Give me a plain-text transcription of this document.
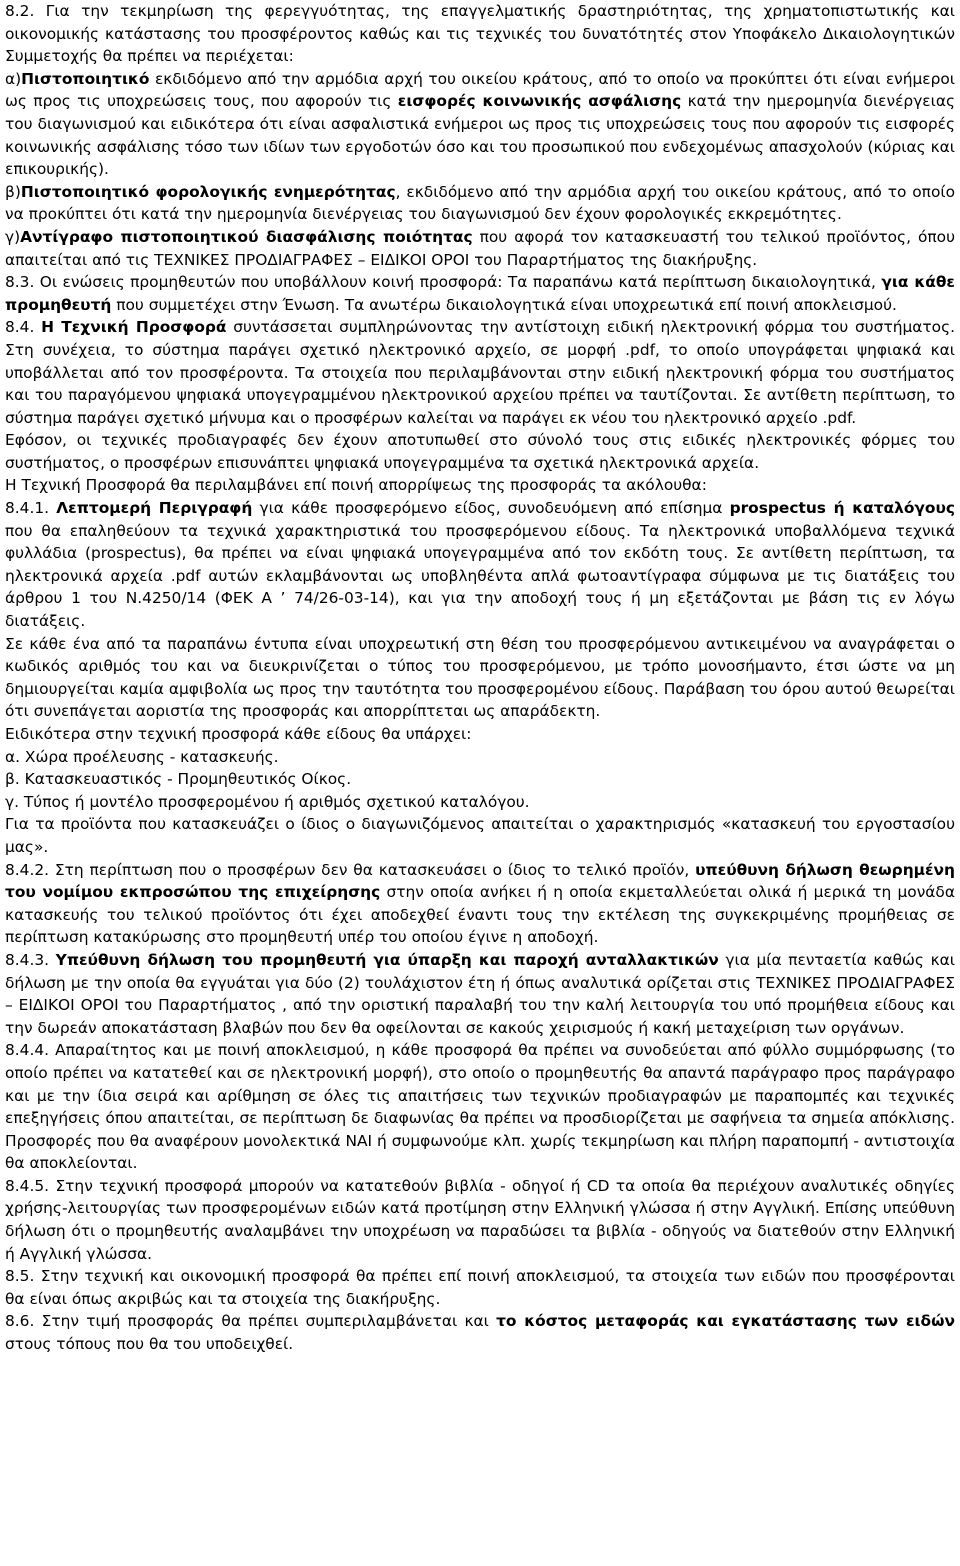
8.2. Για την τεκμηρίωση της φερεγγυότητας, της επαγγελματικής δραστηριότητας, της χρηματοπιστωτικής και οικονομικής κατάστασης του προσφέροντος καθώς και τις τεχνικές του δυνατότητές στον Υποφάκελο Δικαιολογητικών Συμμετοχής θα πρέπει να περιέχεται:

α)Πιστοποιητικό εκδιδόμενο από την αρμόδια αρχή του οικείου κράτους, από το οποίο να προκύπτει ότι είναι ενήμεροι ως προς τις υποχρεώσεις τους, που αφορούν τις εισφορές κοινωνικής ασφάλισης κατά την ημερομηνία διενέργειας του διαγωνισμού και ειδικότερα ότι είναι ασφαλιστικά ενήμεροι ως προς τις υποχρεώσεις τους που αφορούν τις εισφορές κοινωνικής ασφάλισης τόσο των ιδίων των εργοδοτών όσο και του προσωπικού που ενδεχομένως απασχολούν (κύριας και επικουρικής).

β)Πιστοποιητικό φορολογικής ενημερότητας, εκδιδόμενο από την αρμόδια αρχή του οικείου κράτους, από το οποίο να προκύπτει ότι κατά την ημερομηνία διενέργειας του διαγωνισμού δεν έχουν φορολογικές εκκρεμότητες.

γ)Αντίγραφο πιστοποιητικού διασφάλισης ποιότητας που αφορά τον κατασκευαστή του τελικού προϊόντος, όπου απαιτείται από τις ΤΕΧΝΙΚΕΣ ΠΡΟΔΙΑΓΡΑΦΕΣ – ΕΙΔΙΚΟΙ ΟΡΟΙ του Παραρτήματος της διακήρυξης.

8.3. Οι ενώσεις προμηθευτών που υποβάλλουν κοινή προσφορά: Τα παραπάνω κατά περίπτωση δικαιολογητικά, για κάθε προμηθευτή που συμμετέχει στην Ένωση. Τα ανωτέρω δικαιολογητικά είναι υποχρεωτικά επί ποινή αποκλεισμού.

8.4. Η Τεχνική Προσφορά συντάσσεται συμπληρώνοντας την αντίστοιχη ειδική ηλεκτρονική φόρμα του συστήματος. Στη συνέχεια, το σύστημα παράγει σχετικό ηλεκτρονικό αρχείο, σε μορφή .pdf, το οποίο υπογράφεται ψηφιακά και υποβάλλεται από τον προσφέροντα. Τα στοιχεία που περιλαμβάνονται στην ειδική ηλεκτρονική φόρμα του συστήματος και του παραγόμενου ψηφιακά υπογεγραμμένου ηλεκτρονικού αρχείου πρέπει να ταυτίζονται. Σε αντίθετη περίπτωση, το σύστημα παράγει σχετικό μήνυμα και ο προσφέρων καλείται να παράγει εκ νέου του ηλεκτρονικό αρχείο .pdf.

Εφόσον, οι τεχνικές προδιαγραφές δεν έχουν αποτυπωθεί στο σύνολό τους στις ειδικές ηλεκτρονικές φόρμες του συστήματος, ο προσφέρων επισυνάπτει ψηφιακά υπογεγραμμένα τα σχετικά ηλεκτρονικά αρχεία.

Η Τεχνική Προσφορά θα περιλαμβάνει επί ποινή απορρίψεως της προσφοράς τα ακόλουθα:

8.4.1. Λεπτομερή Περιγραφή για κάθε προσφερόμενο είδος, συνοδευόμενη από επίσημα prospectus ή καταλόγους που θα επαληθεύουν τα τεχνικά χαρακτηριστικά του προσφερόμενου είδους. Τα ηλεκτρονικά υποβαλλόμενα τεχνικά φυλλάδια (prospectus), θα πρέπει να είναι ψηφιακά υπογεγραμμένα από τον εκδότη τους. Σε αντίθετη περίπτωση, τα ηλεκτρονικά αρχεία .pdf αυτών εκλαμβάνονται ως υποβληθέντα απλά φωτοαντίγραφα σύμφωνα με τις διατάξεις του άρθρου 1 του Ν.4250/14 (ΦΕΚ Α ’ 74/26-03-14), και για την αποδοχή τους ή μη εξετάζονται με βάση τις εν λόγω διατάξεις.

Σε κάθε ένα από τα παραπάνω έντυπα είναι υποχρεωτική στη θέση του προσφερόμενου αντικειμένου να αναγράφεται ο κωδικός αριθμός του και να διευκρινίζεται ο τύπος του προσφερόμενου, με τρόπο μονοσήμαντο, έτσι ώστε να μη δημιουργείται καμία αμφιβολία ως προς την ταυτότητα του προσφερομένου είδους. Παράβαση του όρου αυτού θεωρείται ότι συνεπάγεται αοριστία της προσφοράς και απορρίπτεται ως απαράδεκτη.

Ειδικότερα στην τεχνική προσφορά κάθε είδους θα υπάρχει:

α. Χώρα προέλευσης - κατασκευής.

β. Κατασκευαστικός - Προμηθευτικός Οίκος.

γ. Τύπος ή μοντέλο προσφερομένου ή αριθμός σχετικού καταλόγου.

Για τα προϊόντα που κατασκευάζει ο ίδιος ο διαγωνιζόμενος απαιτείται ο χαρακτηρισμός «κατασκευή του εργοστασίου μας».

8.4.2. Στη περίπτωση που ο προσφέρων δεν θα κατασκευάσει ο ίδιος το τελικό προϊόν, υπεύθυνη δήλωση θεωρημένη του νομίμου εκπροσώπου της επιχείρησης στην οποία ανήκει ή η οποία εκμεταλλεύεται ολικά ή μερικά τη μονάδα κατασκευής του τελικού προϊόντος ότι έχει αποδεχθεί έναντι τους την εκτέλεση της συγκεκριμένης προμήθειας σε περίπτωση κατακύρωσης στο προμηθευτή υπέρ του οποίου έγινε η αποδοχή.

8.4.3. Υπεύθυνη δήλωση του προμηθευτή για ύπαρξη και παροχή ανταλλακτικών για μία πενταετία καθώς και δήλωση με την οποία θα εγγυάται για δύο (2) τουλάχιστον έτη ή όπως αναλυτικά ορίζεται στις ΤΕΧΝΙΚΕΣ ΠΡΟΔΙΑΓΡΑΦΕΣ – ΕΙΔΙΚΟΙ ΟΡΟΙ του Παραρτήματος , από την οριστική παραλαβή του την καλή λειτουργία του υπό προμήθεια είδους και την δωρεάν αποκατάσταση βλαβών που δεν θα οφείλονται σε κακούς χειρισμούς ή κακή μεταχείριση των οργάνων.

8.4.4. Απαραίτητος και με ποινή αποκλεισμού, η κάθε προσφορά θα πρέπει να συνοδεύεται από φύλλο συμμόρφωσης (το οποίο πρέπει να κατατεθεί και σε ηλεκτρονική μορφή), στο οποίο ο προμηθευτής θα απαντά παράγραφο προς παράγραφο και με την ίδια σειρά και αρίθμηση σε όλες τις απαιτήσεις των τεχνικών προδιαγραφών με παραπομπές και τεχνικές επεξηγήσεις όπου απαιτείται, σε περίπτωση δε διαφωνίας θα πρέπει να προσδιορίζεται με σαφήνεια τα σημεία απόκλισης. Προσφορές που θα αναφέρουν μονολεκτικά ΝΑΙ ή συμφωνούμε κλπ. χωρίς τεκμηρίωση και πλήρη παραπομπή - αντιστοιχία θα αποκλείονται.

8.4.5. Στην τεχνική προσφορά μπορούν να κατατεθούν βιβλία - οδηγοί ή CD τα οποία θα περιέχουν αναλυτικές οδηγίες χρήσης-λειτουργίας των προσφερομένων ειδών κατά προτίμηση στην Ελληνική γλώσσα ή στην Αγγλική. Επίσης υπεύθυνη δήλωση ότι ο προμηθευτής αναλαμβάνει την υποχρέωση να παραδώσει τα βιβλία - οδηγούς να διατεθούν στην Ελληνική ή Αγγλική γλώσσα.

8.5. Στην τεχνική και οικονομική προσφορά θα πρέπει επί ποινή αποκλεισμού, τα στοιχεία των ειδών που προσφέρονται θα είναι όπως ακριβώς και τα στοιχεία της διακήρυξης.

8.6. Στην τιμή προσφοράς θα πρέπει συμπεριλαμβάνεται και το κόστος μεταφοράς και εγκατάστασης των ειδών στους τόπους που θα του υποδειχθεί.
